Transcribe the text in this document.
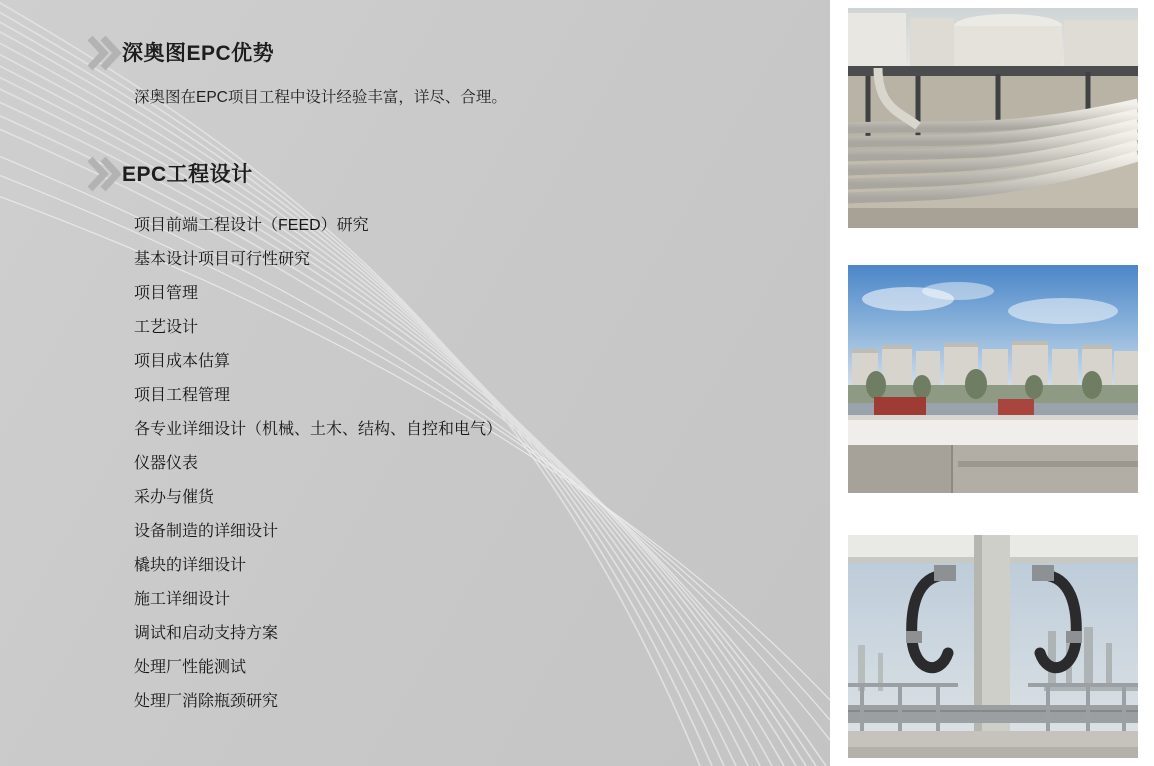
深奥图EPC优势
深奥图在EPC项目工程中设计经验丰富，详尽、合理。
EPC工程设计
项目前端工程设计（FEED）研究
基本设计项目可行性研究
项目管理
工艺设计
项目成本估算
项目工程管理
各专业详细设计（机械、土木、结构、自控和电气）
仪器仪表
采办与催货
设备制造的详细设计
橇块的详细设计
施工详细设计
调试和启动支持方案
处理厂性能测试
处理厂消除瓶颈研究
